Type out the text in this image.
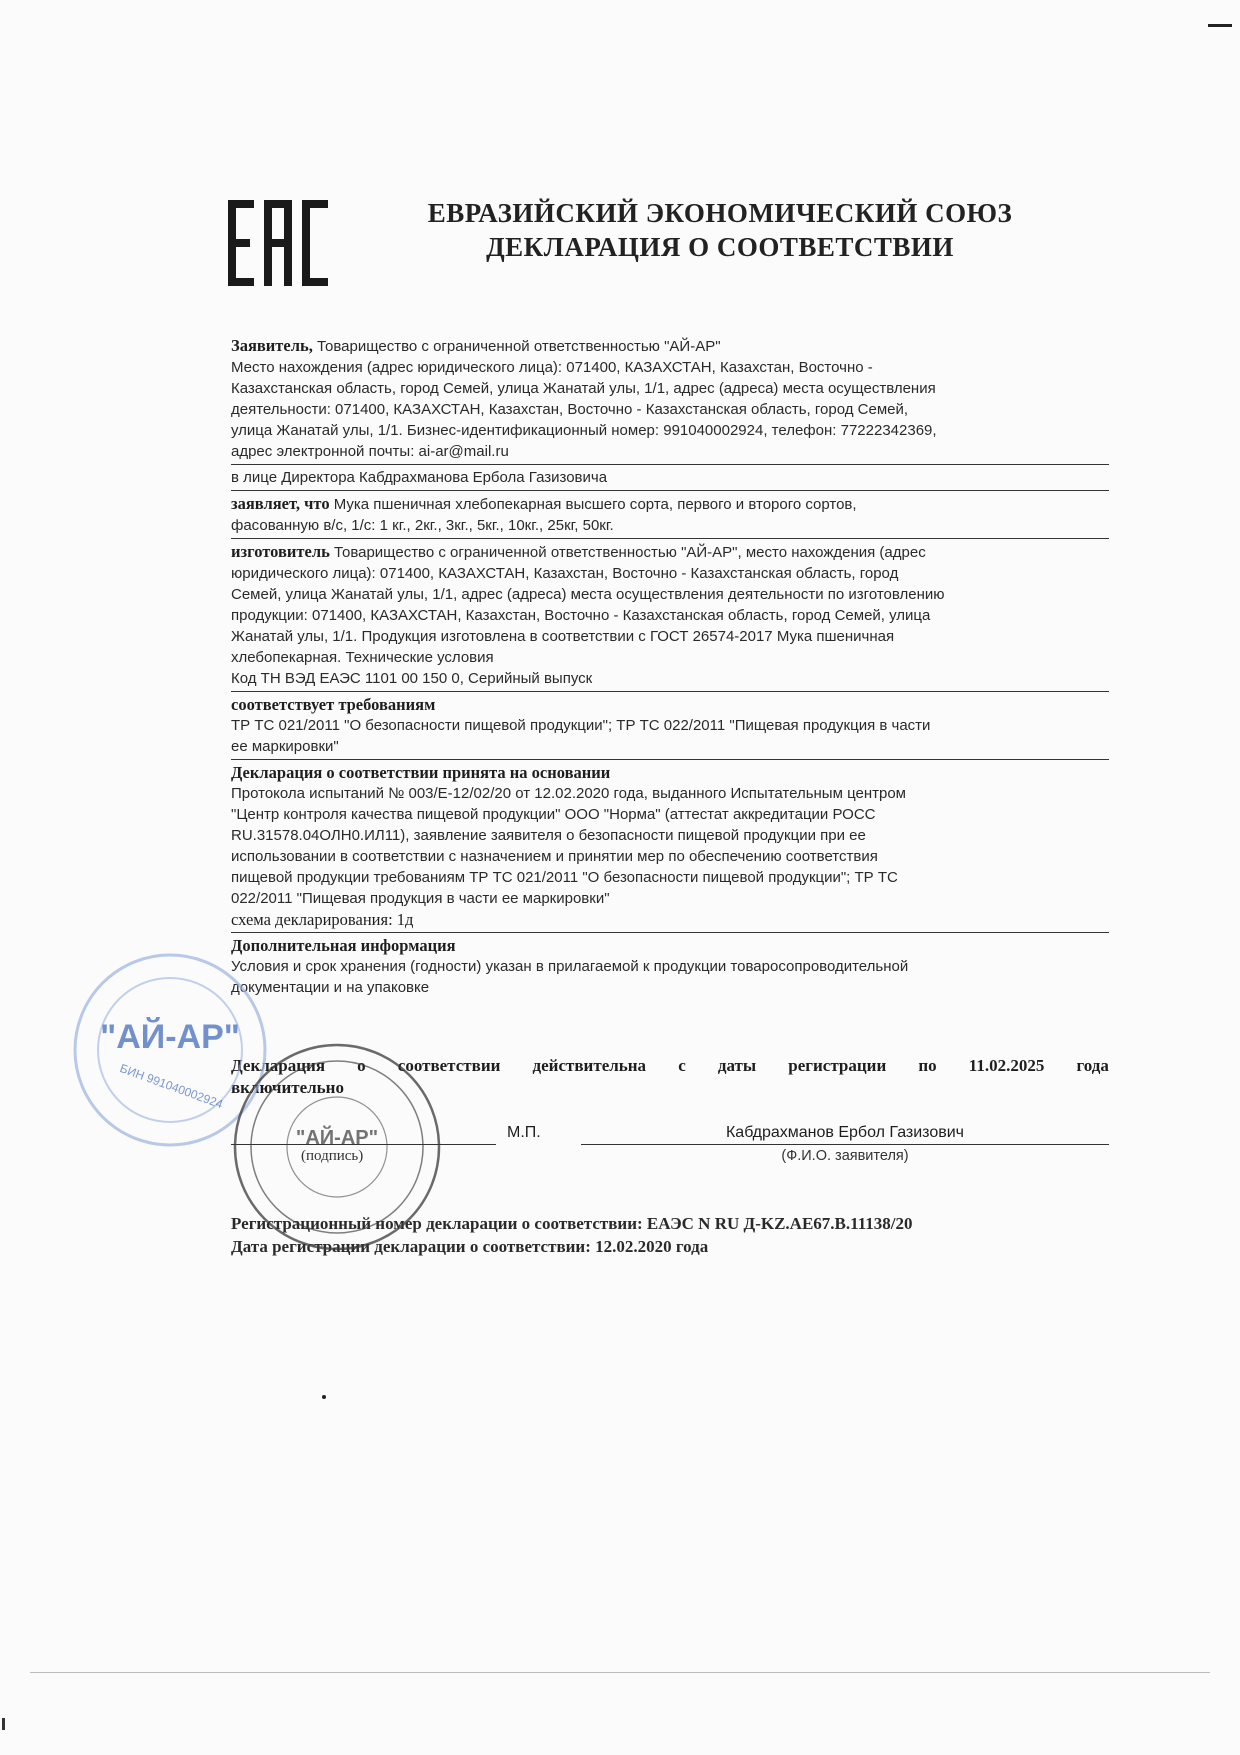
ЕВРАЗИЙСКИЙ ЭКОНОМИЧЕСКИЙ СОЮЗ
ДЕКЛАРАЦИЯ О СООТВЕТСТВИИ
Заявитель, Товарищество с ограниченной ответственностью "АЙ-АР"
Место нахождения (адрес юридического лица): 071400, КАЗАХСТАН, Казахстан, Восточно -
Казахстанская область, город Семей, улица Жанатай улы, 1/1, адрес (адреса) места осуществления
деятельности: 071400, КАЗАХСТАН, Казахстан, Восточно - Казахстанская область, город Семей,
улица Жанатай улы, 1/1. Бизнес-идентификационный номер: 991040002924, телефон: 77222342369,
адрес электронной почты: ai-ar@mail.ru
в лице Директора Кабдрахманова Ербола Газизовича
заявляет, что Мука пшеничная хлебопекарная высшего сорта, первого и второго сортов,
фасованную в/с, 1/с: 1 кг., 2кг., 3кг., 5кг., 10кг., 25кг, 50кг.
изготовитель Товарищество с ограниченной ответственностью "АЙ-АР", место нахождения (адрес
юридического лица): 071400, КАЗАХСТАН, Казахстан, Восточно - Казахстанская область, город
Семей, улица Жанатай улы, 1/1, адрес (адреса) места осуществления деятельности по изготовлению
продукции: 071400, КАЗАХСТАН, Казахстан, Восточно - Казахстанская область, город Семей, улица
Жанатай улы, 1/1. Продукция изготовлена в соответствии с ГОСТ 26574-2017 Мука пшеничная
хлебопекарная. Технические условия
Код ТН ВЭД ЕАЭС 1101 00 150 0, Серийный выпуск
соответствует требованиям
ТР ТС 021/2011 "О безопасности пищевой продукции"; ТР ТС 022/2011 "Пищевая продукция в части
ее маркировки"
Декларация о соответствии принята на основании
Протокола испытаний № 003/Е-12/02/20 от 12.02.2020 года, выданного Испытательным центром
"Центр контроля качества пищевой продукции" ООО "Норма" (аттестат аккредитации РОСС
RU.31578.04ОЛН0.ИЛ11), заявление заявителя о безопасности пищевой продукции при ее
использовании в соответствии с назначением и принятии мер по обеспечению соответствия
пищевой продукции требованиям ТР ТС 021/2011 "О безопасности пищевой продукции"; ТР ТС
022/2011 "Пищевая продукция в части ее маркировки"
схема декларирования: 1д
Дополнительная информация
Условия и срок хранения (годности) указан в прилагаемой к продукции товаросопроводительной
документации и на упаковке
Декларация о соответствии действительна с даты регистрации по 11.02.2025 года
включительно
(подпись)
М.П.	Кабдрахманов Ербол Газизович
(Ф.И.О. заявителя)
Регистрационный номер декларации о соответствии: ЕАЭС N RU Д-KZ.АЕ67.В.11138/20
Дата регистрации декларации о соответствии: 12.02.2020 года
"АЙ-АР"
БИН 991040002924
"АЙ-АР"
